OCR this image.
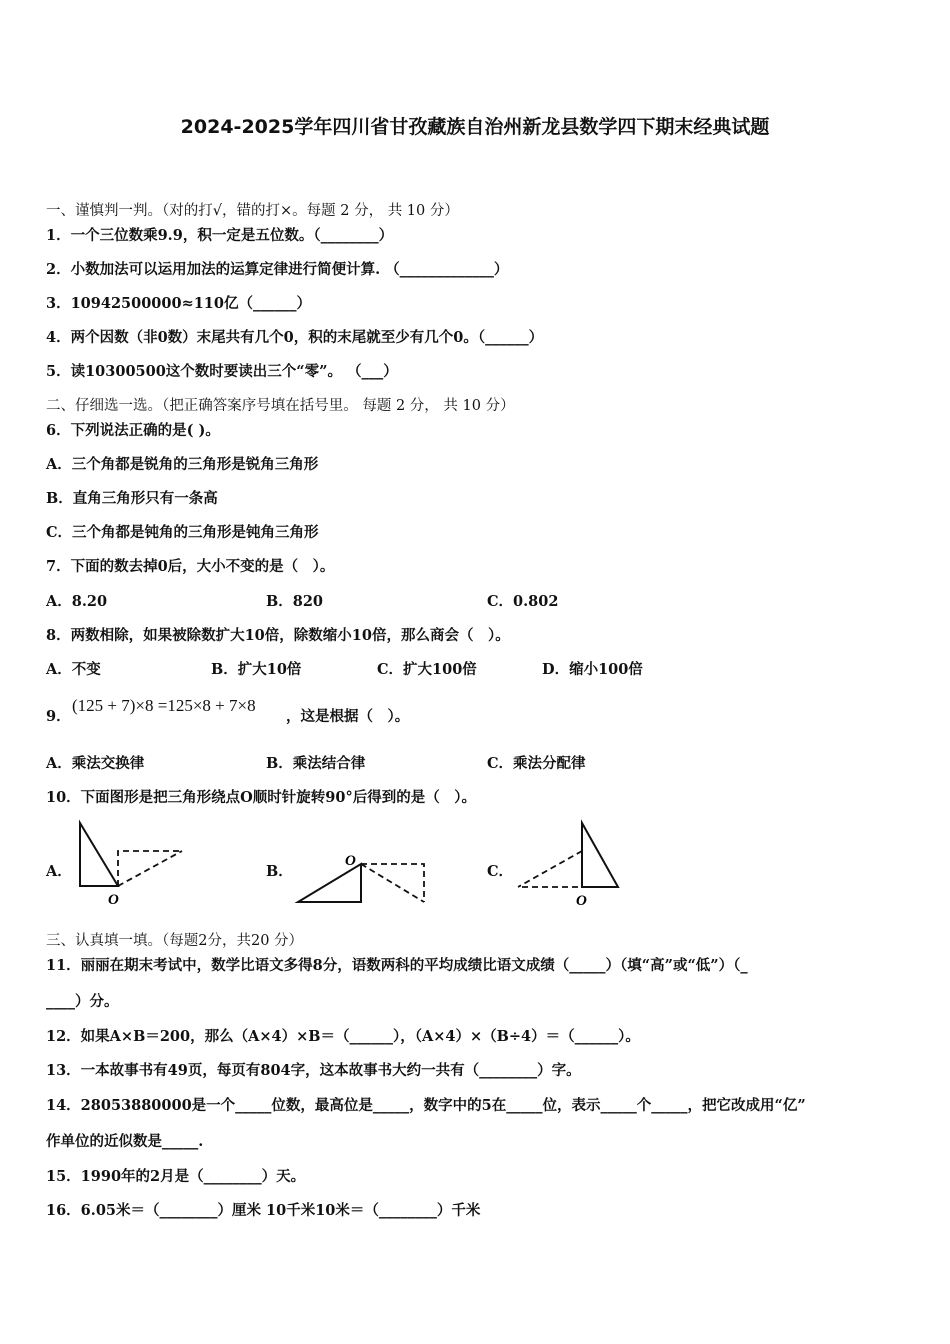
2024-2025学年四川省甘孜藏族自治州新龙县数学四下期末经典试题
一、谨慎判一判。（对的打√，错的打×。每题 2 分， 共 10 分）
1．一个三位数乘9.9，积一定是五位数。（________）
2．小数加法可以运用加法的运算定律进行简便计算. （_____________）
3．10942500000≈110亿（______）
4．两个因数（非0数）末尾共有几个0，积的末尾就至少有几个0。（______）
5．读10300500这个数时要读出三个“零”。 （___）
二、仔细选一选。（把正确答案序号填在括号里。 每题 2 分， 共 10 分）
6．下列说法正确的是( )。
A．三个角都是锐角的三角形是锐角三角形
B．直角三角形只有一条高
C．三个角都是钝角的三角形是钝角三角形
7．下面的数去掉0后，大小不变的是（　）。
A．8.20	B．820	C．0.802
8．两数相除，如果被除数扩大10倍，除数缩小10倍，那么商会（　）。
A．不变	B．扩大10倍	C．扩大100倍	D．缩小100倍
9．
(125 + 7)×8 =125×8 + 7×8
，这是根据（　）。
A．乘法交换律	B．乘法结合律	C．乘法分配律
10．下面图形是把三角形绕点O顺时针旋转90°后得到的是（　）。
A．
O
B．
O
C．
O
三、认真填一填。（每题2分，共20 分）
11．丽丽在期末考试中，数学比语文多得8分，语数两科的平均成绩比语文成绩（_____）（填“高”或“低”）（_
____）分。
12．如果A×B＝200，那么（A×4）×B＝（______），（A×4）×（B÷4）＝（______）。
13．一本故事书有49页，每页有804字，这本故事书大约一共有（________）字。
14．28053880000是一个_____位数，最高位是_____，数字中的5在_____位，表示_____个_____，把它改成用“亿”
作单位的近似数是_____.
15．1990年的2月是（________）天。
16．6.05米＝（________）厘米 10千米10米＝（________）千米
